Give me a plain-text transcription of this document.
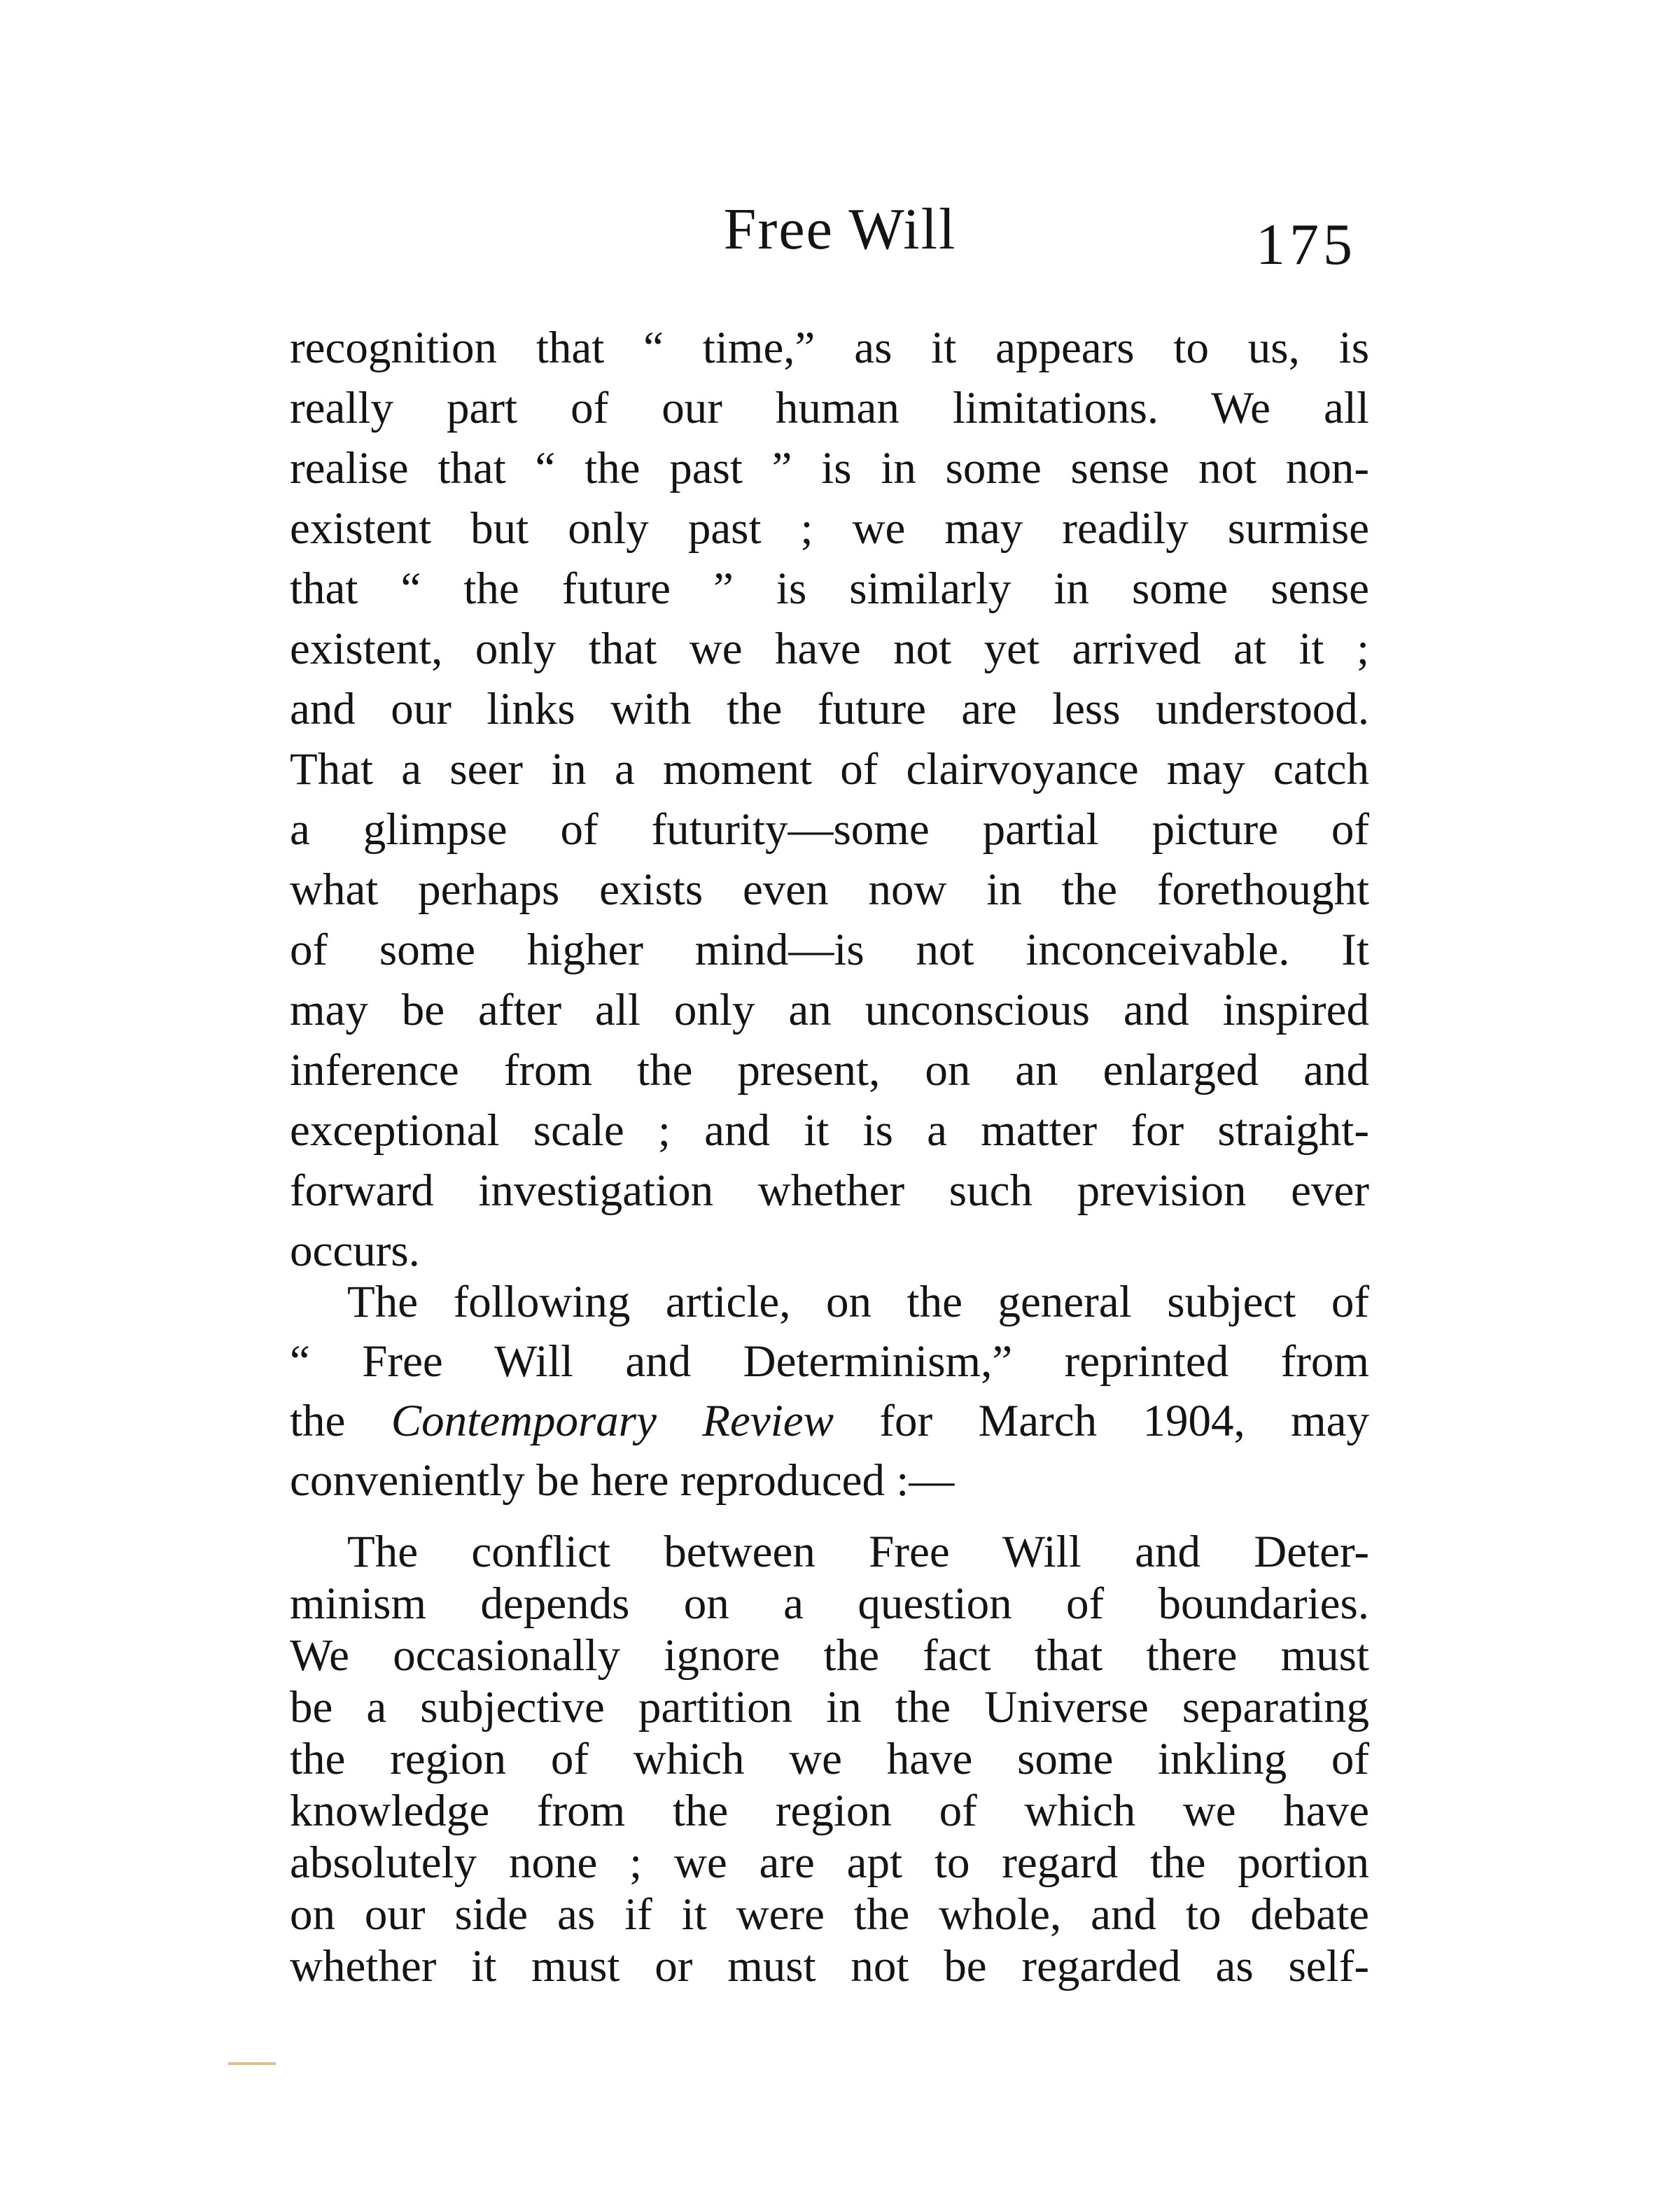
Free Will	175
recognition that “ time,” as it appears to us, is
really part of our human limitations. We all
realise that “ the past ” is in some sense not non-
existent but only past ; we may readily surmise
that “ the future ” is similarly in some sense
existent, only that we have not yet arrived at it ;
and our links with the future are less understood.
That a seer in a moment of clairvoyance may catch
a glimpse of futurity—some partial picture of
what perhaps exists even now in the forethought
of some higher mind—is not inconceivable. It
may be after all only an unconscious and inspired
inference from the present, on an enlarged and
exceptional scale ; and it is a matter for straight-
forward investigation whether such prevision ever
occurs.
The following article, on the general subject of
“ Free Will and Determinism,” reprinted from
the Contemporary Review for March 1904, may
conveniently be here reproduced :—
The conflict between Free Will and Deter-
minism depends on a question of boundaries.
We occasionally ignore the fact that there must
be a subjective partition in the Universe separating
the region of which we have some inkling of
knowledge from the region of which we have
absolutely none ; we are apt to regard the portion
on our side as if it were the whole, and to debate
whether it must or must not be regarded as self-
